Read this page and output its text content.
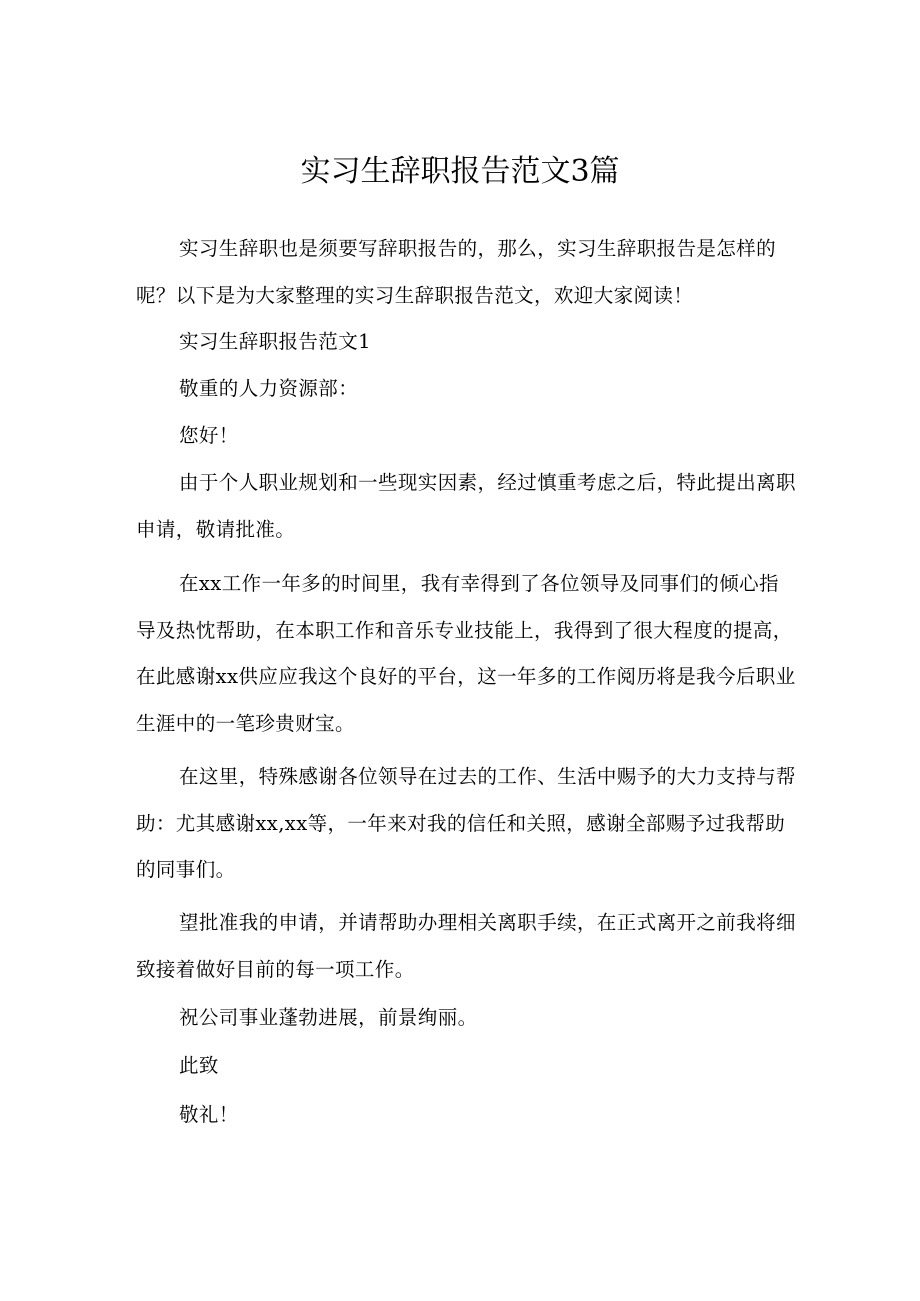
实习生辞职报告范文3篇
实习生辞职也是须要写辞职报告的，那么，实习生辞职报告是怎样的呢？以下是为大家整理的实习生辞职报告范文，欢迎大家阅读！
实习生辞职报告范文1
敬重的人力资源部：
您好！
由于个人职业规划和一些现实因素，经过慎重考虑之后，特此提出离职申请，敬请批准。
在xx工作一年多的时间里，我有幸得到了各位领导及同事们的倾心指导及热忱帮助，在本职工作和音乐专业技能上，我得到了很大程度的提高，在此感谢xx供应应我这个良好的平台，这一年多的工作阅历将是我今后职业生涯中的一笔珍贵财宝。
在这里，特殊感谢各位领导在过去的工作、生活中赐予的大力支持与帮助：尤其感谢xx,xx等，一年来对我的信任和关照，感谢全部赐予过我帮助的同事们。
望批准我的申请，并请帮助办理相关离职手续，在正式离开之前我将细致接着做好目前的每一项工作。
祝公司事业蓬勃进展，前景绚丽。
此致
敬礼！
